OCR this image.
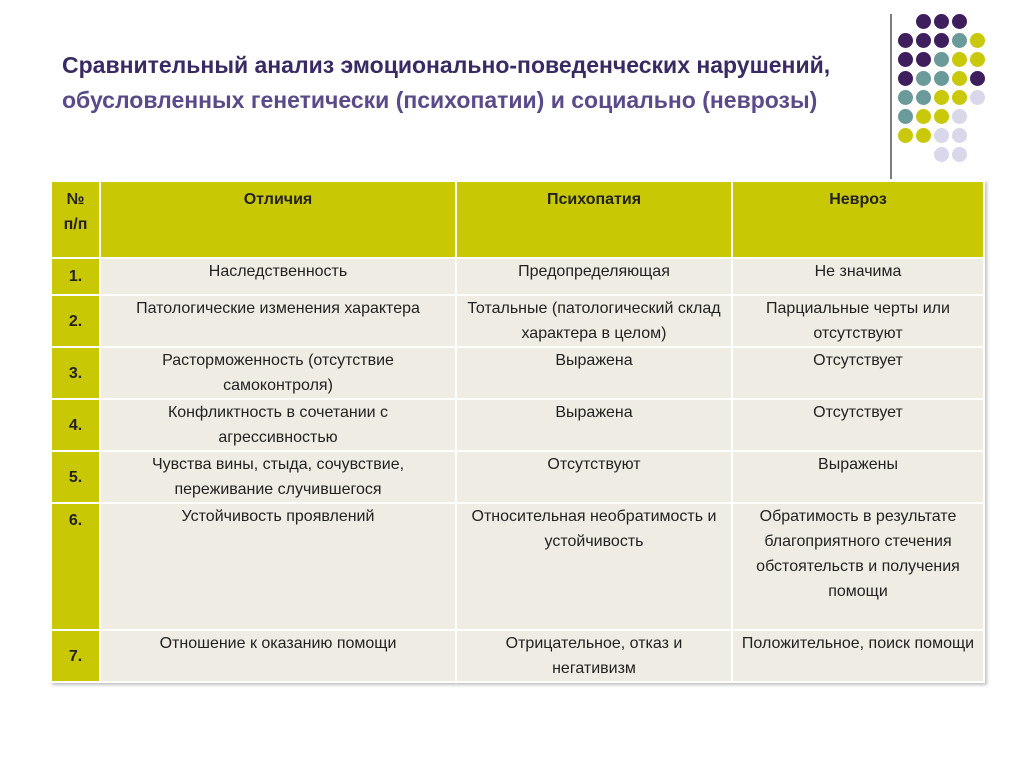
Сравнительный анализ эмоционально-поведенческих нарушений, обусловленных генетически (психопатии) и социально (неврозы)
№ п/п	Отличия	Психопатия	Невроз
1.	Наследственность	Предопределяющая	Не значима
2.	Патологические изменения характера	Тотальные (патологический склад характера в целом)	Парциальные черты или отсутствуют
3.	Расторможенность (отсутствие самоконтроля)	Выражена	Отсутствует
4.	Конфликтность в сочетании с агрессивностью	Выражена	Отсутствует
5.	Чувства вины, стыда, сочувствие, переживание случившегося	Отсутствуют	Выражены
6.	Устойчивость проявлений	Относительная необратимость и устойчивость	Обратимость в результате благоприятного стечения обстоятельств и получения помощи
7.	Отношение к оказанию помощи	Отрицательное, отказ и негативизм	Положительное, поиск помощи
